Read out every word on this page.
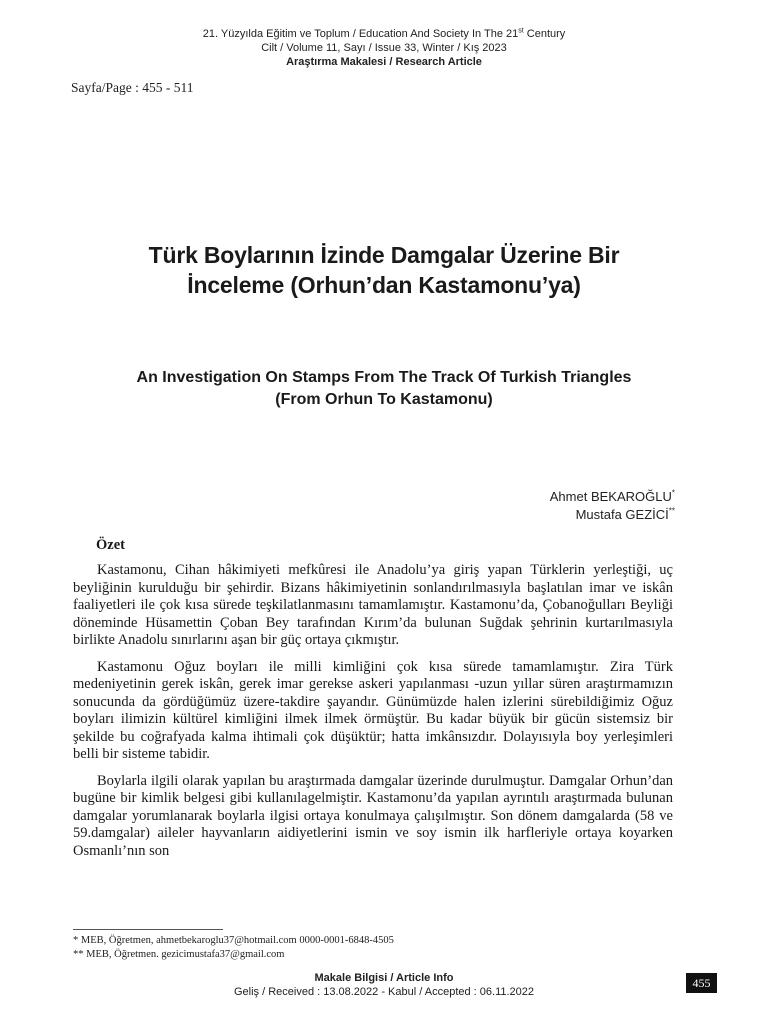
21. Yüzyılda Eğitim ve Toplum / Education And Society In The 21st Century
Cilt / Volume 11, Sayı / Issue 33, Winter / Kış 2023
Araştırma Makalesi / Research Article
Sayfa/Page : 455 - 511
Türk Boylarının İzinde Damgalar Üzerine Bir
İnceleme (Orhun’dan Kastamonu’ya)
An Investigation On Stamps From The Track Of Turkish Triangles
(From Orhun To Kastamonu)
Ahmet BEKAROĞLU*
Mustafa GEZİCİ**
Özet

Kastamonu, Cihan hâkimiyeti mefkûresi ile Anadolu’ya giriş yapan Türklerin yerleştiği, uç beyliğinin kurulduğu bir şehirdir. Bizans hâkimiyetinin sonlandırılmasıyla başlatılan imar ve iskân faaliyetleri ile çok kısa sürede teşkilatlanmasını tamamlamıştır. Kastamonu’da, Çobanoğulları Beyliği döneminde Hüsamettin Çoban Bey tarafından Kırım’da bulunan Suğdak şehrinin kurtarılmasıyla birlikte Anadolu sınırlarını aşan bir güç ortaya çıkmıştır.

Kastamonu Oğuz boyları ile milli kimliğini çok kısa sürede tamamlamıştır. Zira Türk medeniyetinin gerek iskân, gerek imar gerekse askeri yapılanması -uzun yıllar süren araştırmamızın sonucunda da gördüğümüz üzere-takdire şayandır. Günümüzde halen izlerini sürebildiğimiz Oğuz boyları ilimizin kültürel kimliğini ilmek ilmek örmüştür. Bu kadar büyük bir gücün sistemsiz bir şekilde bu coğrafyada kalma ihtimali çok düşüktür; hatta imkânsızdır. Dolayısıyla boy yerleşimleri belli bir sisteme tabidir.

Boylarla ilgili olarak yapılan bu araştırmada damgalar üzerinde durulmuştur. Damgalar Orhun’dan bugüne bir kimlik belgesi gibi kullanılagelmiştir. Kastamonu’da yapılan ayrıntılı araştırmada bulunan damgalar yorumlanarak boylarla ilgisi ortaya konulmaya çalışılmıştır. Son dönem damgalarda (58 ve 59.damgalar) aileler hayvanların aidiyetlerini ismin ve soy ismin ilk harfleriyle ortaya koyarken Osmanlı’nın son

* MEB, Öğretmen, ahmetbekaroglu37@hotmail.com 0000-0001-6848-4505
** MEB, Öğretmen. gezicimustafa37@gmail.com
Makale Bilgisi / Article Info
Geliş / Received : 13.08.2022 - Kabul / Accepted : 06.11.2022
455
